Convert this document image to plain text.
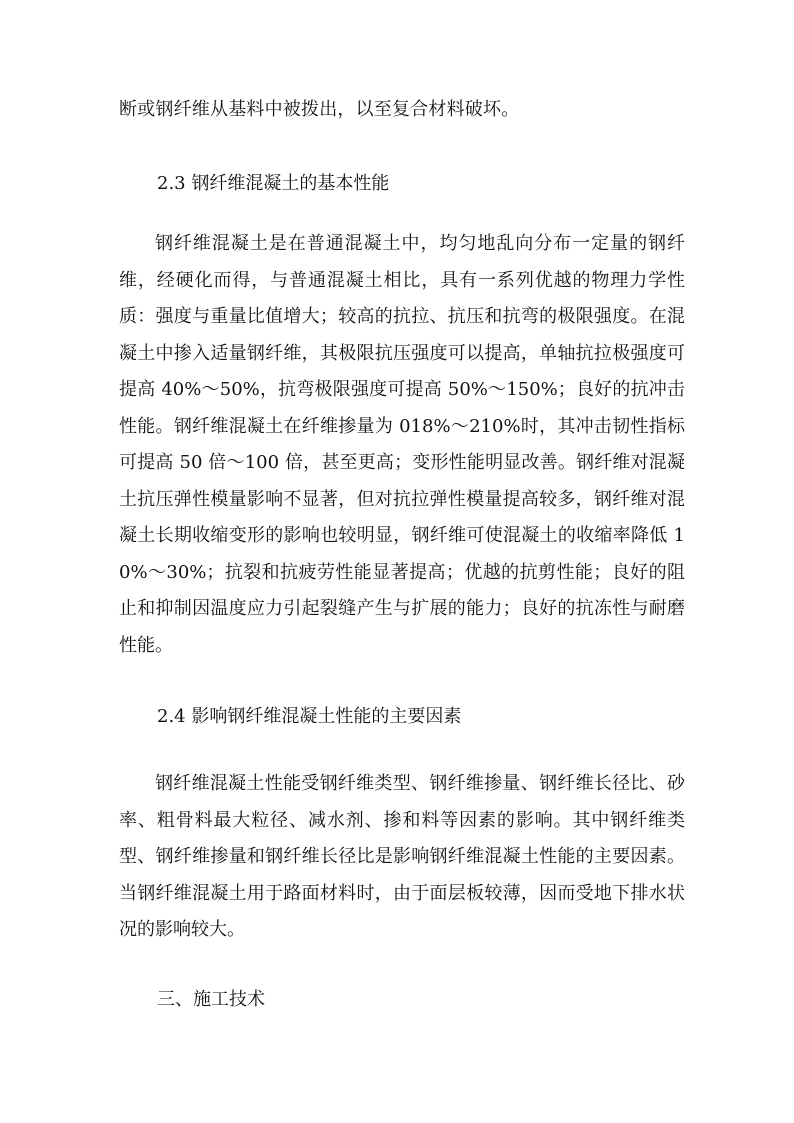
断或钢纤维从基料中被拨出，以至复合材料破坏。
2.3 钢纤维混凝土的基本性能
钢纤维混凝土是在普通混凝土中，均匀地乱向分布一定量的钢纤维，经硬化而得，与普通混凝土相比，具有一系列优越的物理力学性质：强度与重量比值增大；较高的抗拉、抗压和抗弯的极限强度。在混凝土中掺入适量钢纤维，其极限抗压强度可以提高，单轴抗拉极强度可提高 40%～50%，抗弯极限强度可提高 50%～150%；良好的抗冲击性能。钢纤维混凝土在纤维掺量为 018%～210%时，其冲击韧性指标可提高 50 倍～100 倍，甚至更高；变形性能明显改善。钢纤维对混凝土抗压弹性模量影响不显著，但对抗拉弹性模量提高较多，钢纤维对混凝土长期收缩变形的影响也较明显，钢纤维可使混凝土的收缩率降低 10%～30%；抗裂和抗疲劳性能显著提高；优越的抗剪性能；良好的阻止和抑制因温度应力引起裂缝产生与扩展的能力；良好的抗冻性与耐磨性能。
2.4 影响钢纤维混凝土性能的主要因素
钢纤维混凝土性能受钢纤维类型、钢纤维掺量、钢纤维长径比、砂率、粗骨料最大粒径、减水剂、掺和料等因素的影响。其中钢纤维类型、钢纤维掺量和钢纤维长径比是影响钢纤维混凝土性能的主要因素。当钢纤维混凝土用于路面材料时，由于面层板较薄，因而受地下排水状况的影响较大。
三、施工技术
